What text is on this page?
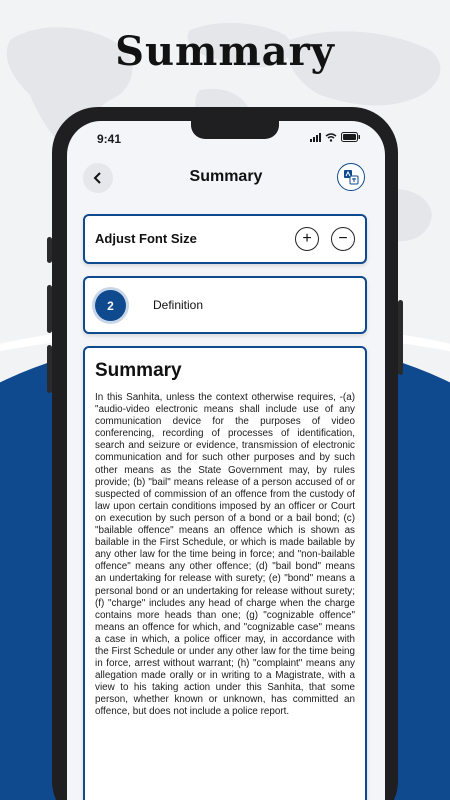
Summary
9:41
Summary
Adjust Font Size	+ −
2	Definition
Summary
In this Sanhita, unless the context otherwise requires, -(a) "audio-video electronic means shall include use of any communication device for the purposes of video conferencing, recording of processes of identification, search and seizure or evidence, transmission of electronic communication and for such other purposes and by such other means as the State Government may, by rules provide; (b) "bail" means release of a person accused of or suspected of commission of an offence from the custody of law upon certain conditions imposed by an officer or Court on execution by such person of a bond or a bail bond; (c) "bailable offence" means an offence which is shown as bailable in the First Schedule, or which is made bailable by any other law for the time being in force; and "non-bailable offence" means any other offence; (d) "bail bond" means an undertaking for release with surety; (e) "bond" means a personal bond or an undertaking for release without surety; (f) "charge" includes any head of charge when the charge contains more heads than one; (g) "cognizable offence" means an offence for which, and "cognizable case" means a case in which, a police officer may, in accordance with the First Schedule or under any other law for the time being in force, arrest without warrant; (h) "complaint" means any allegation made orally or in writing to a Magistrate, with a view to his taking action under this Sanhita, that some person, whether known or unknown, has committed an offence, but does not include a police report.
